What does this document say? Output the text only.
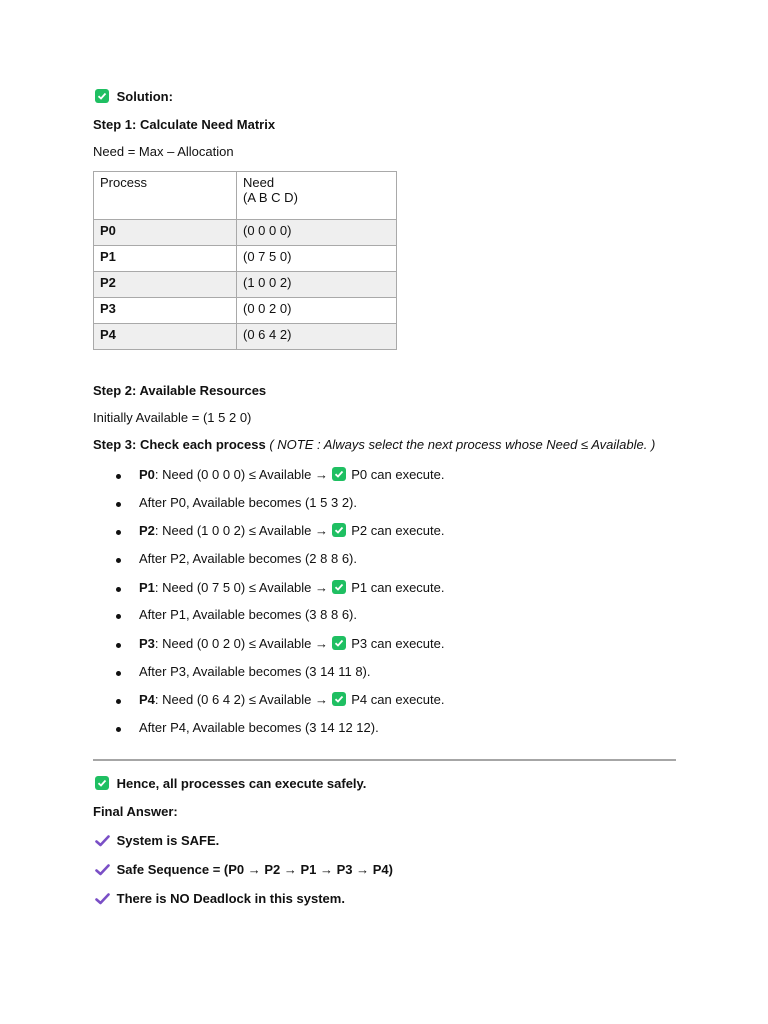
Solution:
Step 1: Calculate Need Matrix
Need = Max – Allocation
Process	Need
(A B C D)

P0	(0 0 0 0)
P1	(0 7 5 0)
P2	(1 0 0 2)
P3	(0 0 2 0)
P4	(0 6 4 2)
Step 2: Available Resources
Initially Available = (1 5 2 0)
Step 3: Check each process ( NOTE : Always select the next process whose Need ≤ Available. )
P0: Need (0 0 0 0) ≤ Available →
P0 can execute.
After P0, Available becomes (1 5 3 2).
P2: Need (1 0 0 2) ≤ Available →
P2 can execute.
After P2, Available becomes (2 8 8 6).
P1: Need (0 7 5 0) ≤ Available →
P1 can execute.
After P1, Available becomes (3 8 8 6).
P3: Need (0 0 2 0) ≤ Available →
P3 can execute.
After P3, Available becomes (3 14 11 8).
P4: Need (0 6 4 2) ≤ Available →
P4 can execute.
After P4, Available becomes (3 14 12 12).
Hence, all processes can execute safely.
Final Answer:
System is SAFE.
Safe Sequence = (P0 → P2 → P1 → P3 → P4)
There is NO Deadlock in this system.
